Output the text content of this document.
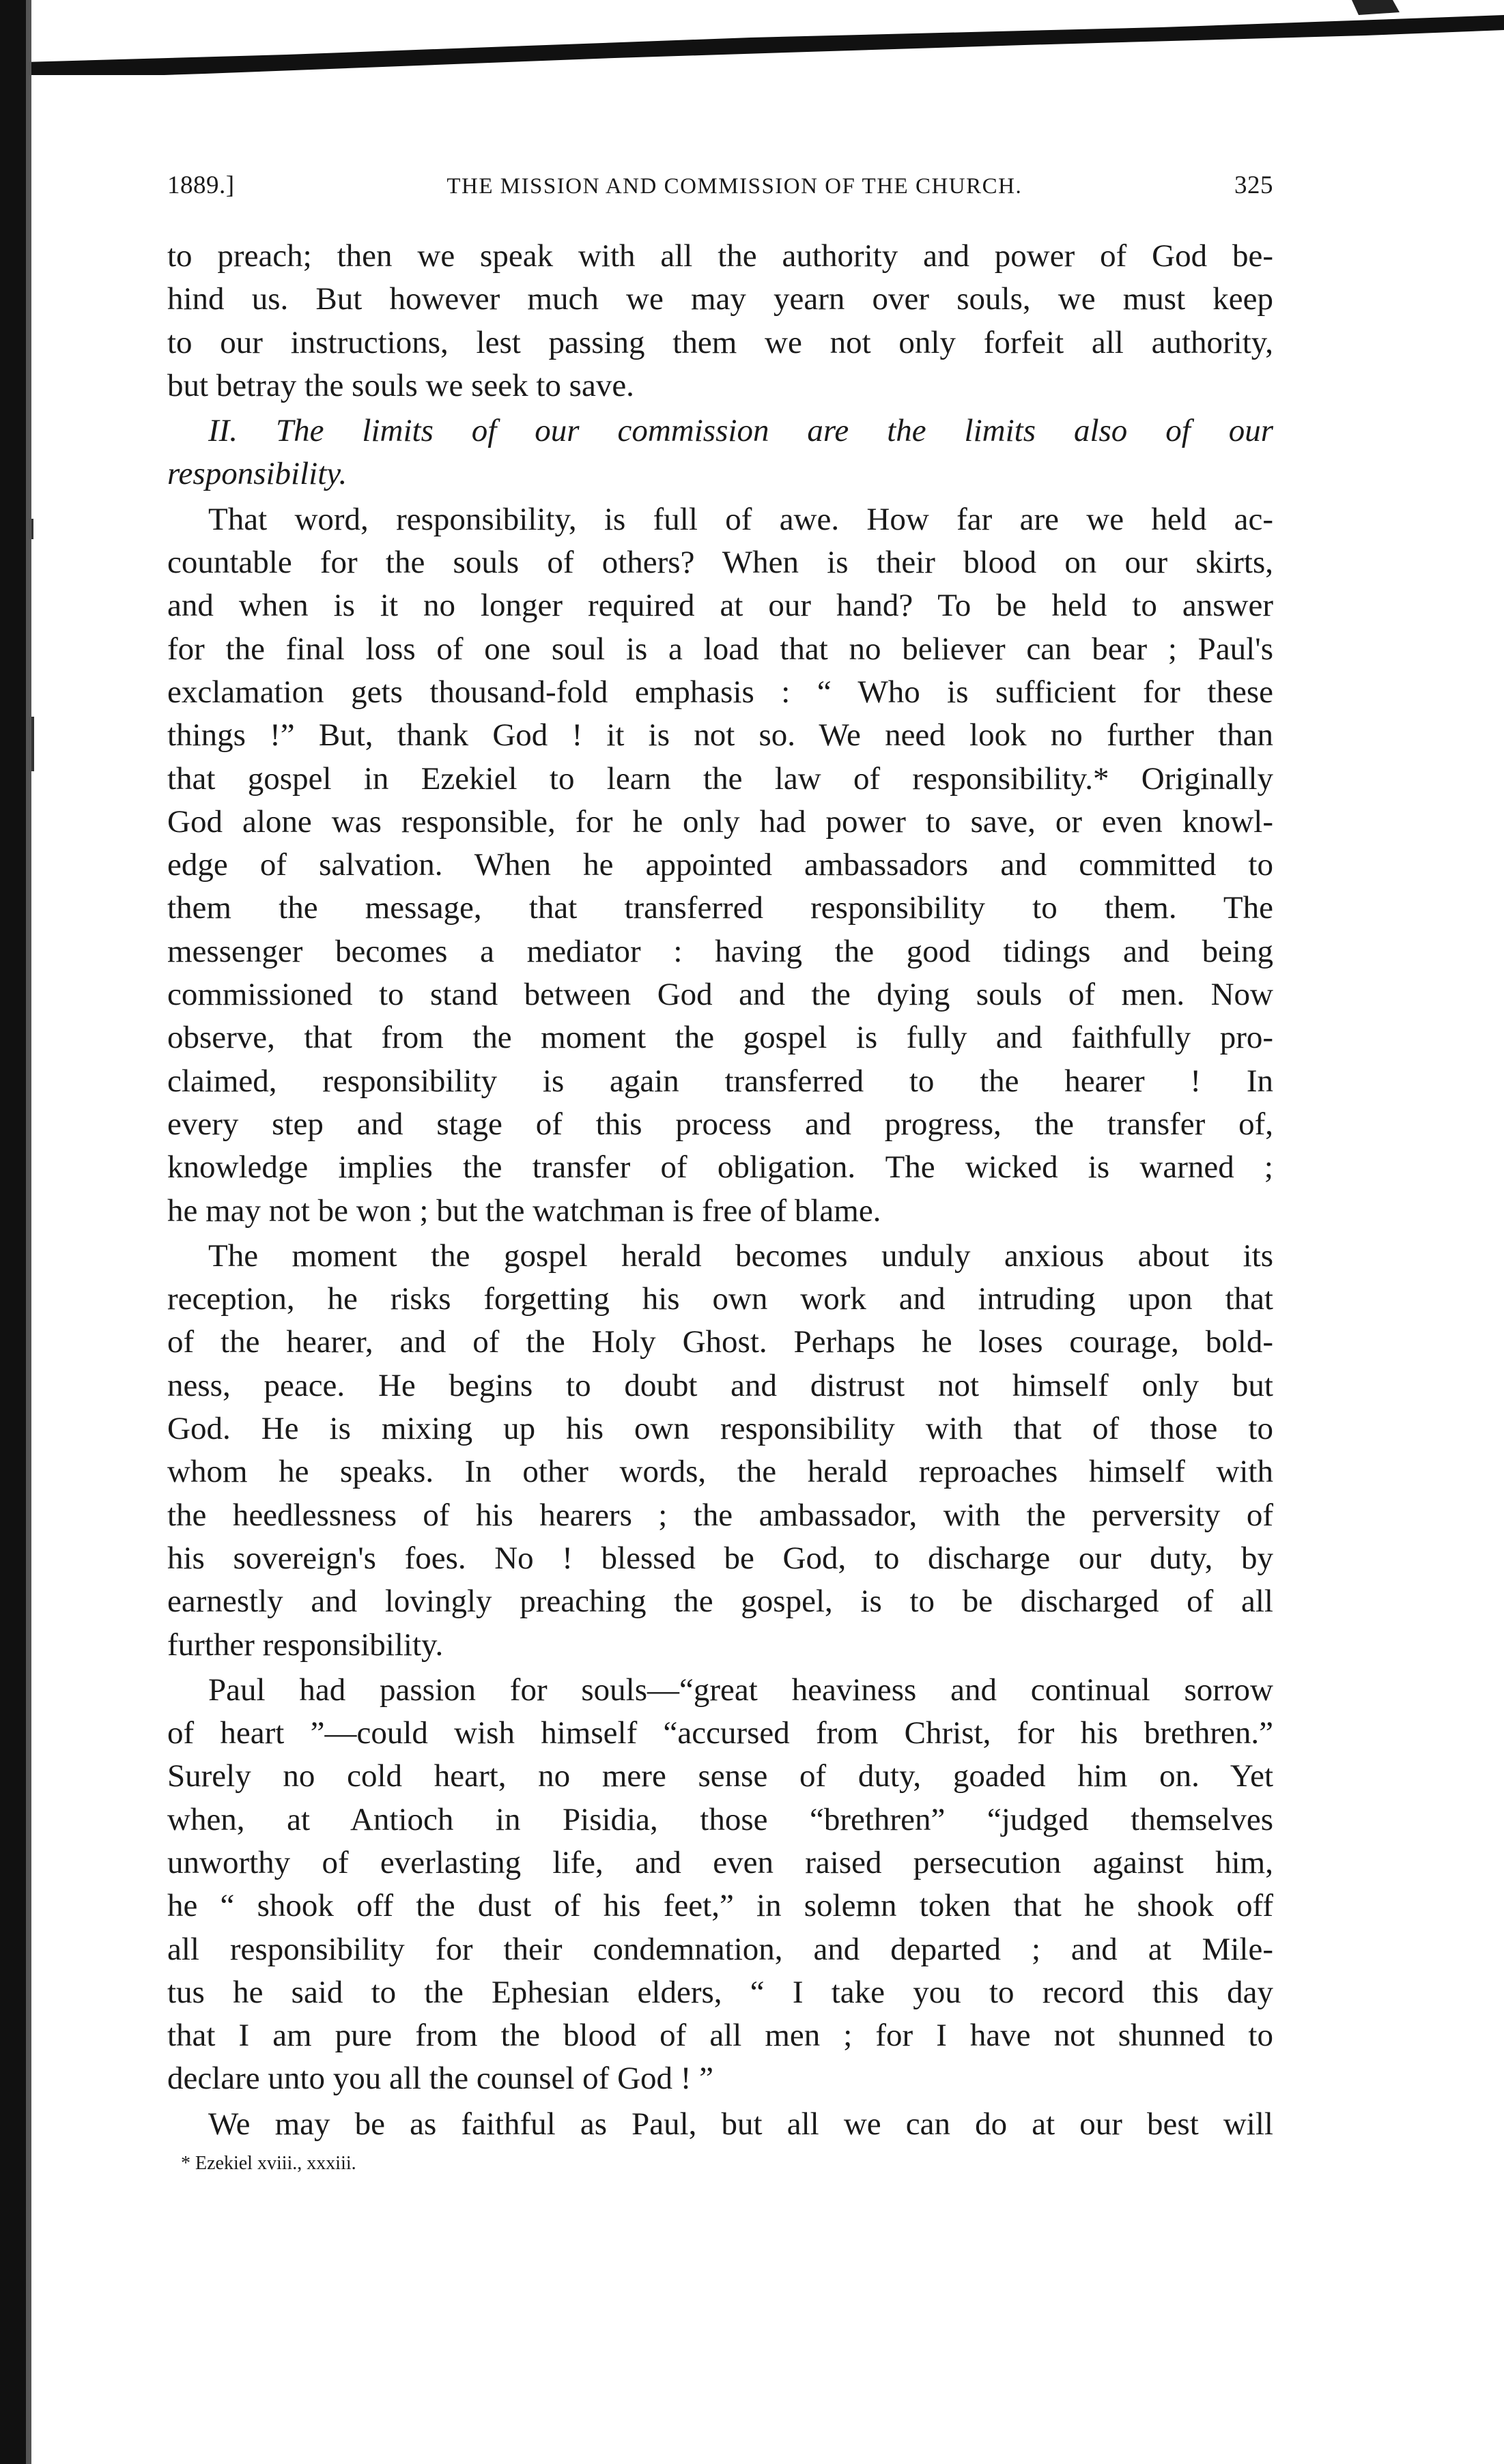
1889.]	THE MISSION AND COMMISSION OF THE CHURCH.	325
to preach; then we speak with all the authority and power of God be-
hind us. But however much we may yearn over souls, we must keep
to our instructions, lest passing them we not only forfeit all authority,
but betray the souls we seek to save.
II. The limits of our commission are the limits also of our
responsibility.
That word, responsibility, is full of awe. How far are we held ac-
countable for the souls of others? When is their blood on our skirts,
and when is it no longer required at our hand? To be held to answer
for the final loss of one soul is a load that no believer can bear ; Paul's
exclamation gets thousand-fold emphasis : “ Who is sufficient for these
things !” But, thank God ! it is not so. We need look no further than
that gospel in Ezekiel to learn the law of responsibility.* Originally
God alone was responsible, for he only had power to save, or even knowl-
edge of salvation. When he appointed ambassadors and committed to
them the message, that transferred responsibility to them. The
messenger becomes a mediator : having the good tidings and being
commissioned to stand between God and the dying souls of men. Now
observe, that from the moment the gospel is fully and faithfully pro-
claimed, responsibility is again transferred to the hearer ! In
every step and stage of this process and progress, the transfer of,
knowledge implies the transfer of obligation. The wicked is warned ;
he may not be won ; but the watchman is free of blame.
The moment the gospel herald becomes unduly anxious about its
reception, he risks forgetting his own work and intruding upon that
of the hearer, and of the Holy Ghost. Perhaps he loses courage, bold-
ness, peace. He begins to doubt and distrust not himself only but
God. He is mixing up his own responsibility with that of those to
whom he speaks. In other words, the herald reproaches himself with
the heedlessness of his hearers ; the ambassador, with the perversity of
his sovereign's foes. No ! blessed be God, to discharge our duty, by
earnestly and lovingly preaching the gospel, is to be discharged of all
further responsibility.
Paul had passion for souls—“great heaviness and continual sorrow
of heart ”—could wish himself “accursed from Christ, for his brethren.”
Surely no cold heart, no mere sense of duty, goaded him on. Yet
when, at Antioch in Pisidia, those “brethren” “judged themselves
unworthy of everlasting life, and even raised persecution against him,
he “ shook off the dust of his feet,” in solemn token that he shook off
all responsibility for their condemnation, and departed ; and at Mile-
tus he said to the Ephesian elders, “ I take you to record this day
that I am pure from the blood of all men ; for I have not shunned to
declare unto you all the counsel of God ! ”
We may be as faithful as Paul, but all we can do at our best will
* Ezekiel xviii., xxxiii.
